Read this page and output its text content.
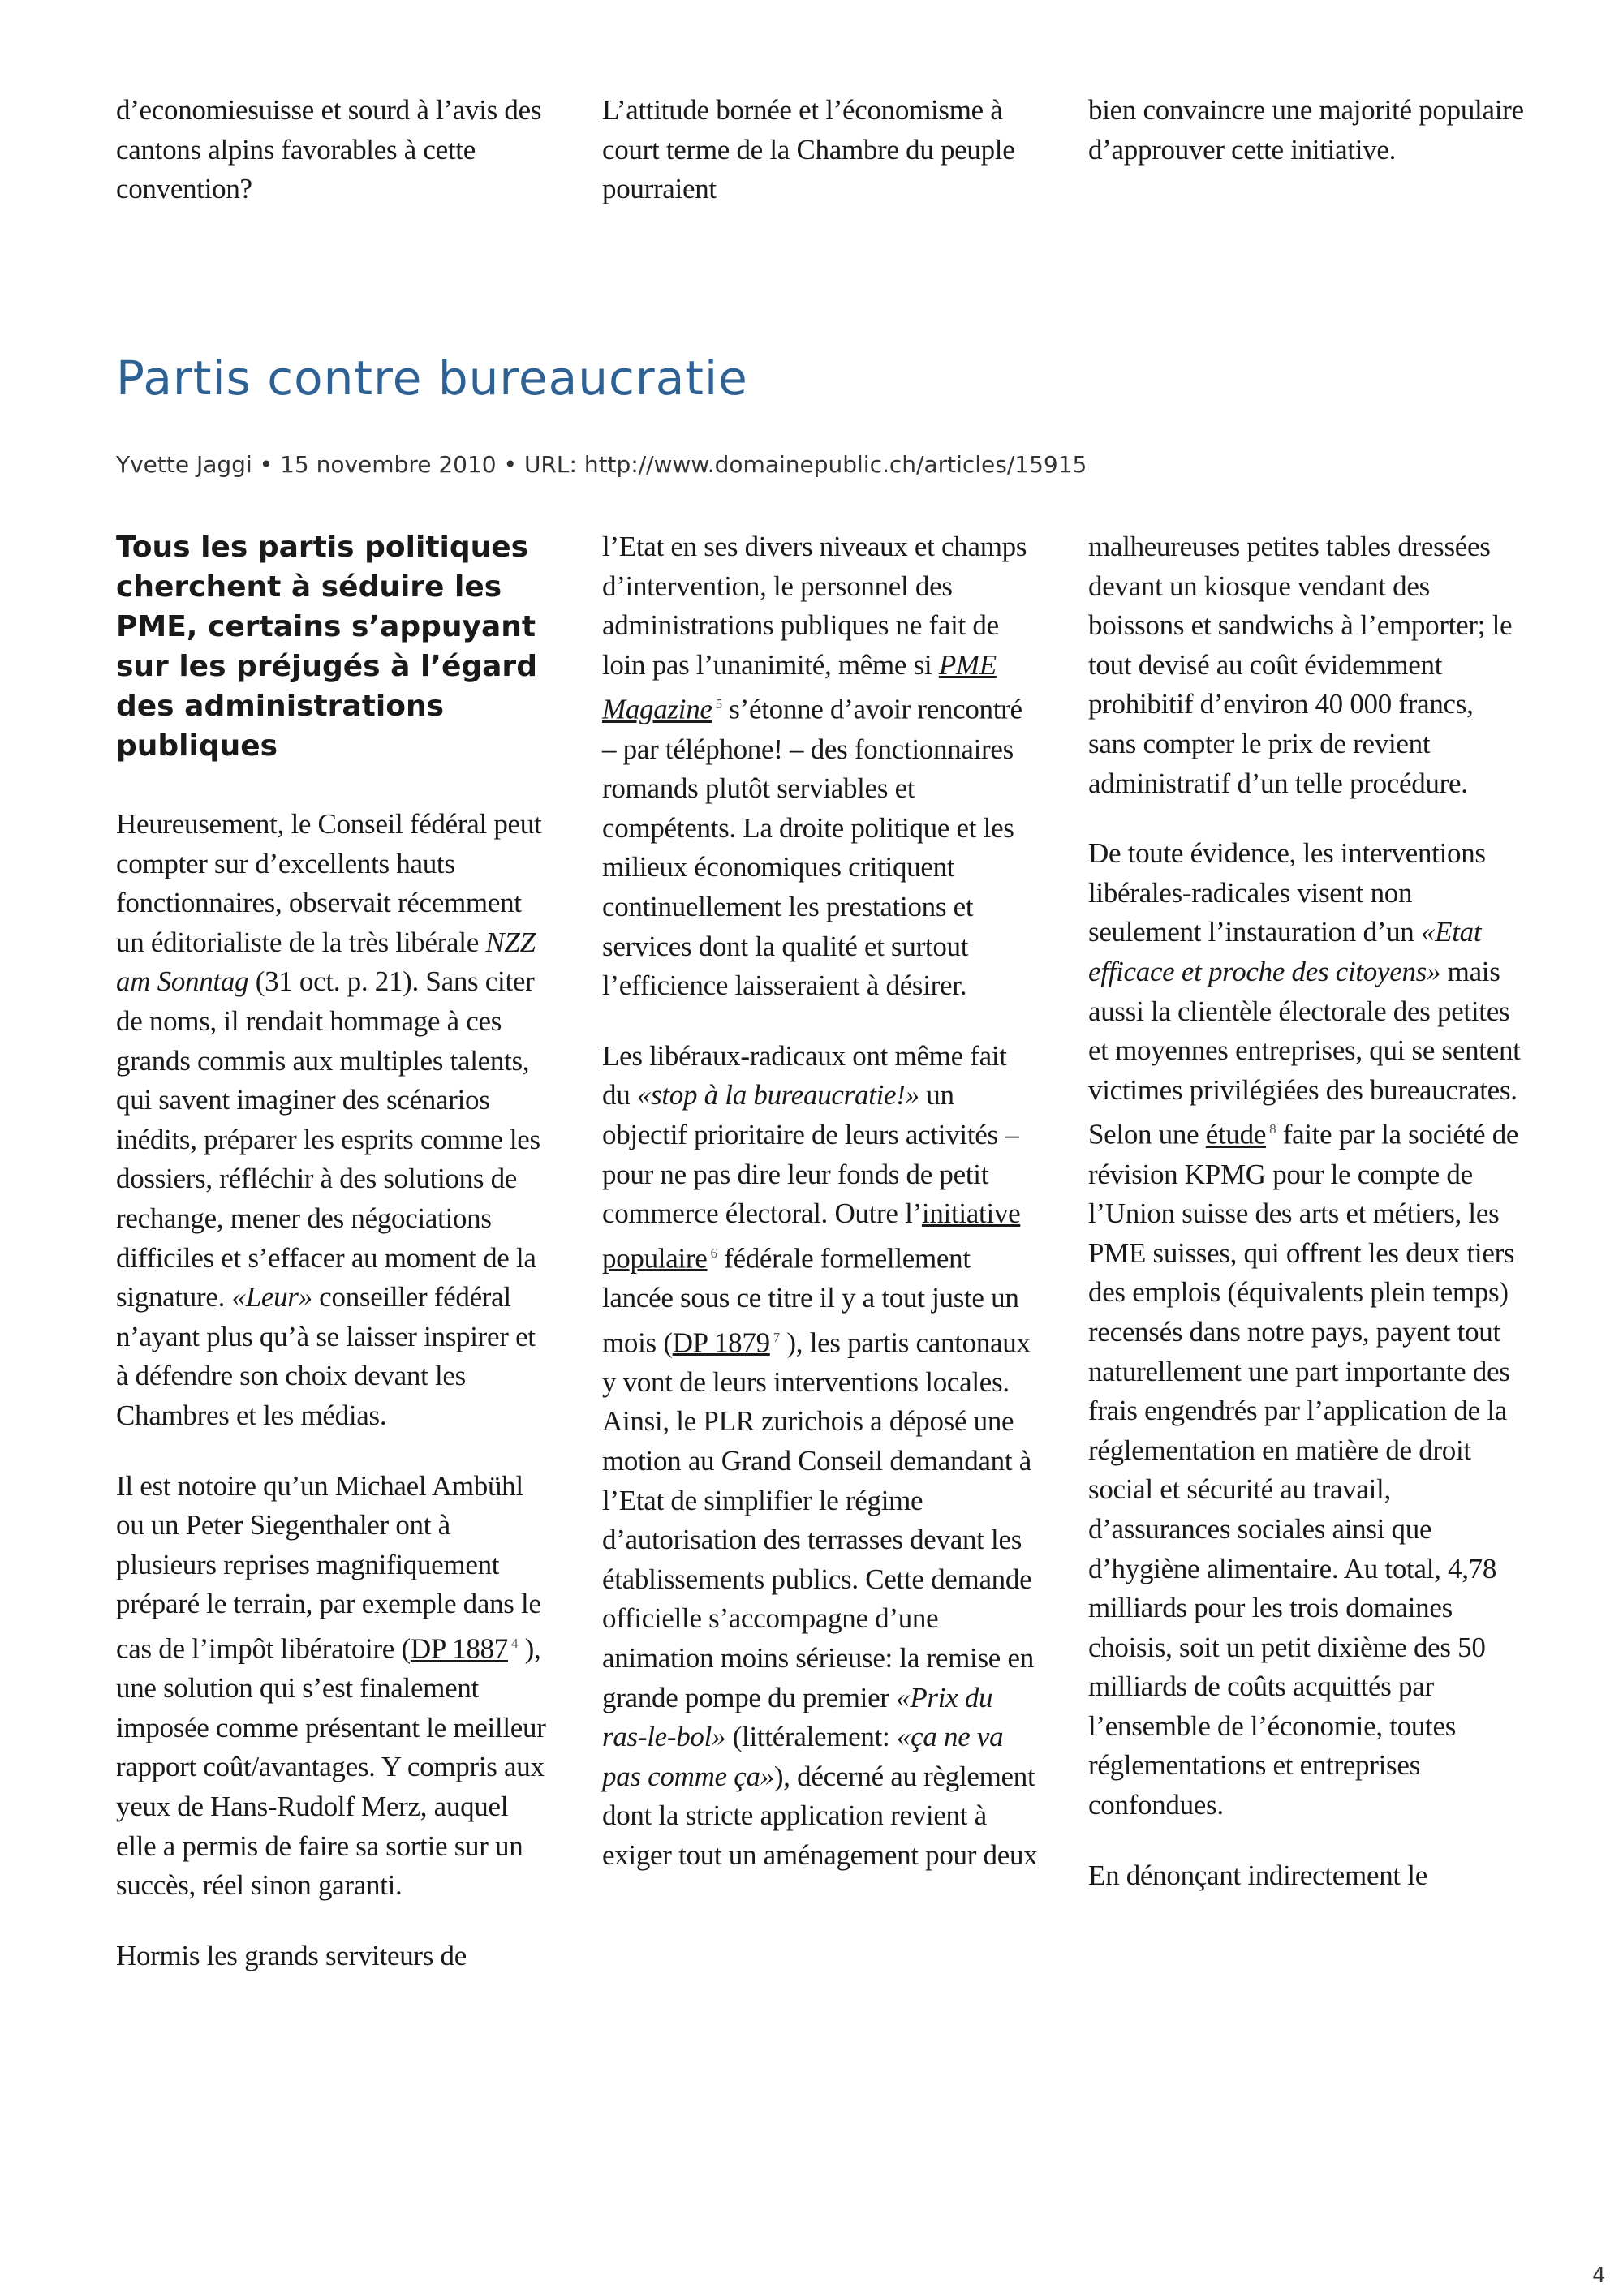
d’economiesuisse et sourd à l’avis des cantons alpins favorables à cette convention?

L’attitude bornée et l’économisme à court terme de la Chambre du peuple pourraient

bien convaincre une majorité populaire d’approuver cette initiative.

Partis contre bureaucratie
Yvette Jaggi • 15 novembre 2010 • URL: http://www.domainepublic.ch/articles/15915

Tous les partis politiques cherchent à séduire les PME, certains s’appuyant sur les préjugés à l’égard des administrations publiques

Heureusement, le Conseil fédéral peut compter sur d’excellents hauts fonctionnaires, observait récemment un éditorialiste de la très libérale NZZ am Sonntag (31 oct. p. 21). Sans citer de noms, il rendait hommage à ces grands commis aux multiples talents, qui savent imaginer des scénarios inédits, préparer les esprits comme les dossiers, réfléchir à des solutions de rechange, mener des négociations difficiles et s’effacer au moment de la signature. «Leur» conseiller fédéral n’ayant plus qu’à se laisser inspirer et à défendre son choix devant les Chambres et les médias.

Il est notoire qu’un Michael Ambühl ou un Peter Siegenthaler ont à plusieurs reprises magnifiquement préparé le terrain, par exemple dans le cas de l’impôt libératoire (DP 1887 $^4$ ), une solution qui s’est finalement imposée comme présentant le meilleur rapport coût/avantages. Y compris aux yeux de Hans-Rudolf Merz, auquel elle a permis de faire sa sortie sur un succès, réel sinon garanti.

Hormis les grands serviteurs de

l’Etat en ses divers niveaux et champs d’intervention, le personnel des administrations publiques ne fait de loin pas l’unanimité, même si PME Magazine $^5$ s’étonne d’avoir rencontré – par téléphone! – des fonctionnaires romands plutôt serviables et compétents. La droite politique et les milieux économiques critiquent continuellement les prestations et services dont la qualité et surtout l’efficience laisseraient à désirer.

Les libéraux-radicaux ont même fait du «stop à la bureaucratie!» un objectif prioritaire de leurs activités – pour ne pas dire leur fonds de petit commerce électoral. Outre l’initiative populaire $^6$ fédérale formellement lancée sous ce titre il y a tout juste un mois (DP 1879 $^7$ ), les partis cantonaux y vont de leurs interventions locales. Ainsi, le PLR zurichois a déposé une motion au Grand Conseil demandant à l’Etat de simplifier le régime d’autorisation des terrasses devant les établissements publics. Cette demande officielle s’accompagne d’une animation moins sérieuse: la remise en grande pompe du premier «Prix du ras-le-bol» (littéralement: «ça ne va pas comme ça»), décerné au règlement dont la stricte application revient à exiger tout un aménagement pour deux

malheureuses petites tables dressées devant un kiosque vendant des boissons et sandwichs à l’emporter; le tout devisé au coût évidemment prohibitif d’environ 40 000 francs, sans compter le prix de revient administratif d’un telle procédure.

De toute évidence, les interventions libérales-radicales visent non seulement l’instauration d’un «Etat efficace et proche des citoyens» mais aussi la clientèle électorale des petites et moyennes entreprises, qui se sentent victimes privilégiées des bureaucrates. Selon une étude $^8$ faite par la société de révision KPMG pour le compte de l’Union suisse des arts et métiers, les PME suisses, qui offrent les deux tiers des emplois (équivalents plein temps) recensés dans notre pays, payent tout naturellement une part importante des frais engendrés par l’application de la réglementation en matière de droit social et sécurité au travail, d’assurances sociales ainsi que d’hygiène alimentaire. Au total, 4,78 milliards pour les trois domaines choisis, soit un petit dixième des 50 milliards de coûts acquittés par l’ensemble de l’économie, toutes réglementations et entreprises confondues.

En dénonçant indirectement le

4
